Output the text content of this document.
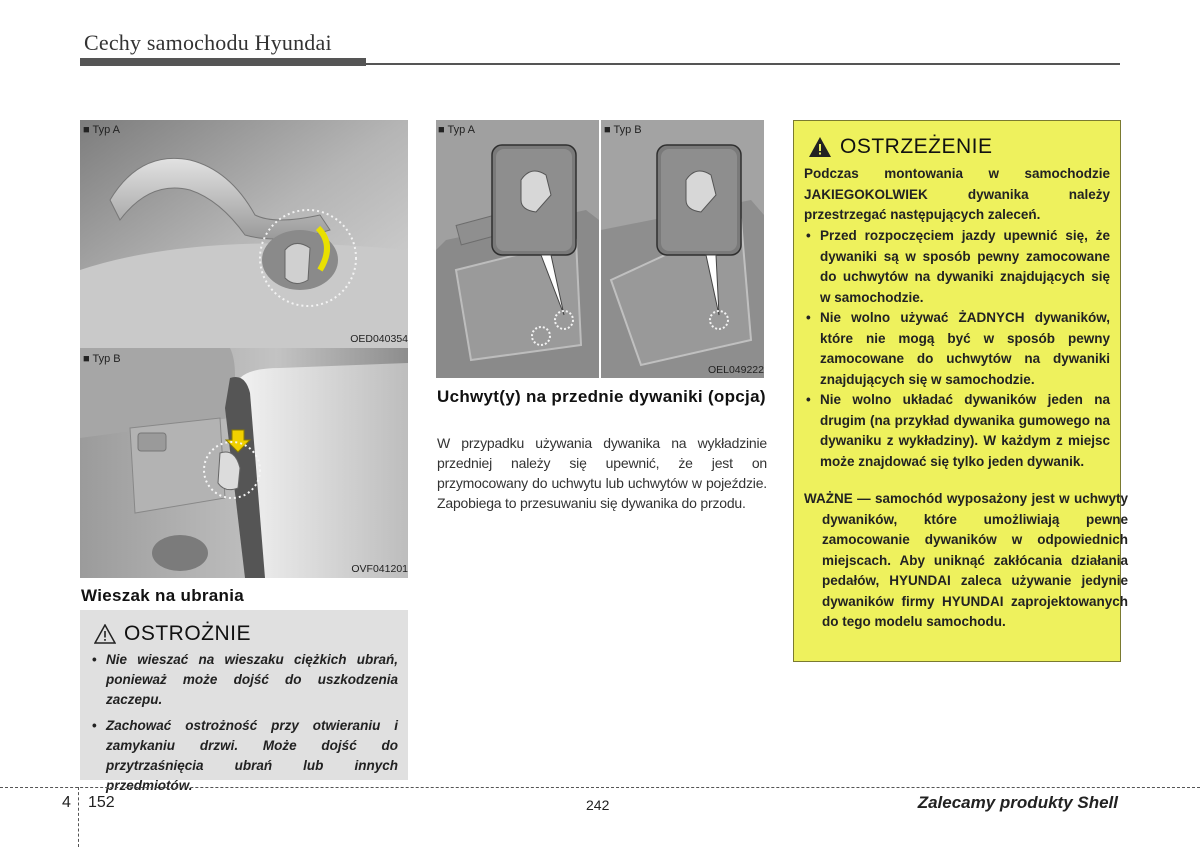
Cechy samochodu Hyundai
■ Typ A
OED040354
■ Typ B
OVF041201
■ Typ A	■ Typ B
OEL049222
Wieszak na ubrania
OSTROŻNIE
• Nie wieszać na wieszaku ciężkich ubrań, ponieważ może dojść do uszkodzenia zaczepu.
• Zachować ostrożność przy otwieraniu i zamykaniu drzwi. Może dojść do przytrzaśnięcia ubrań lub innych przedmiotów.
Uchwyt(y) na przednie dywaniki (opcja)
W przypadku używania dywanika na wykładzinie przedniej należy się upewnić, że jest on przymocowany do uchwytu lub uchwytów w pojeździe. Zapobiega to przesuwaniu się dywanika do przodu.
OSTRZEŻENIE
Podczas montowania w samochodzie JAKIEGOKOLWIEK dywanika należy przestrzegać następujących zaleceń.
• Przed rozpoczęciem jazdy upewnić się, że dywaniki są w sposób pewny zamocowane do uchwytów na dywaniki znajdujących się w samochodzie.
• Nie wolno używać ŻADNYCH dywaników, które nie mogą być w sposób pewny zamocowane do uchwytów na dywaniki znajdujących się w samochodzie.
• Nie wolno układać dywaników jeden na drugim (na przykład dywanika gumowego na dywaniku z wykładziny). W każdym z miejsc może znajdować się tylko jeden dywanik.
WAŻNE — samochód wyposażony jest w uchwyty dywaników, które umożliwiają pewne zamocowanie dywaników w odpowiednich miejscach. Aby uniknąć zakłócania działania pedałów, HYUNDAI zaleca używanie jedynie dywaników firmy HYUNDAI zaprojektowanych do tego modelu samochodu.
4 152	242	Zalecamy produkty Shell
